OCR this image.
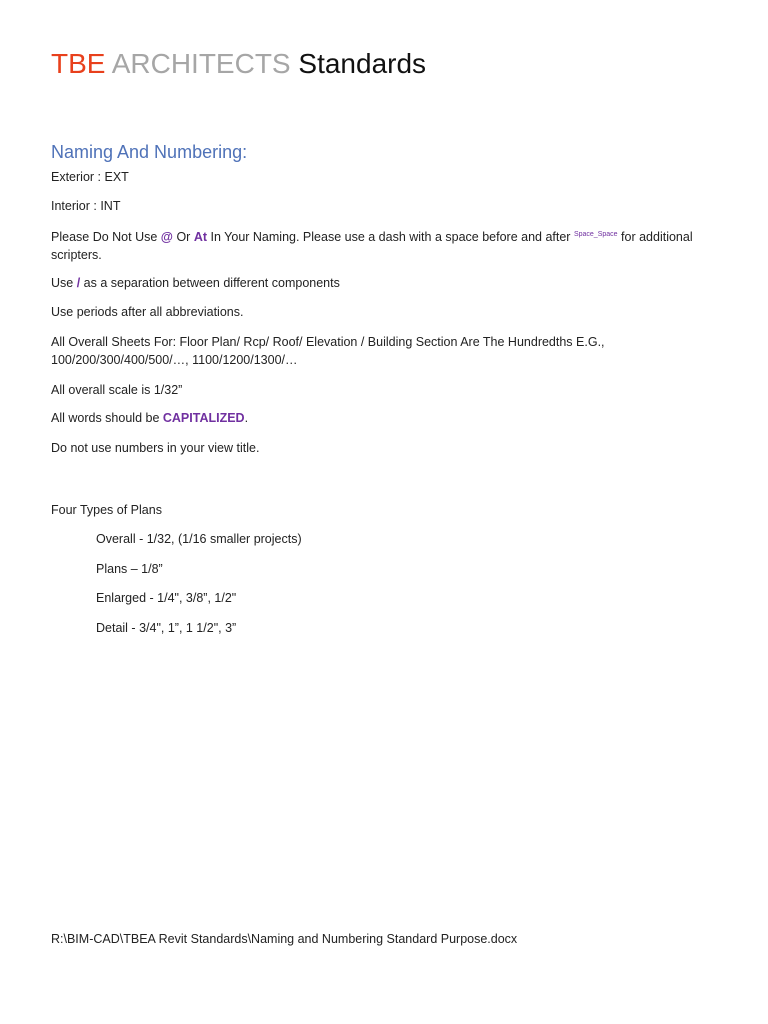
TBE ARCHITECTS Standards
Naming And Numbering:
Exterior : EXT
Interior : INT
Please Do Not Use @ Or At In Your Naming. Please use a dash with a space before and after $^{Space\_Space}$ for additional scripters.
Use / as a separation between different components
Use periods after all abbreviations.
All Overall Sheets For: Floor Plan/ Rcp/ Roof/ Elevation / Building Section Are The Hundredths E.G., 100/200/300/400/500/…, 1100/1200/1300/…
All overall scale is 1/32”
All words should be CAPITALIZED.
Do not use numbers in your view title.
Four Types of Plans
Overall - 1/32, (1/16 smaller projects)
Plans – 1/8”
Enlarged - 1/4", 3/8”, 1/2"
Detail - 3/4", 1”, 1 1/2", 3”
R:\BIM-CAD\TBEA Revit Standards\Naming and Numbering Standard Purpose.docx
